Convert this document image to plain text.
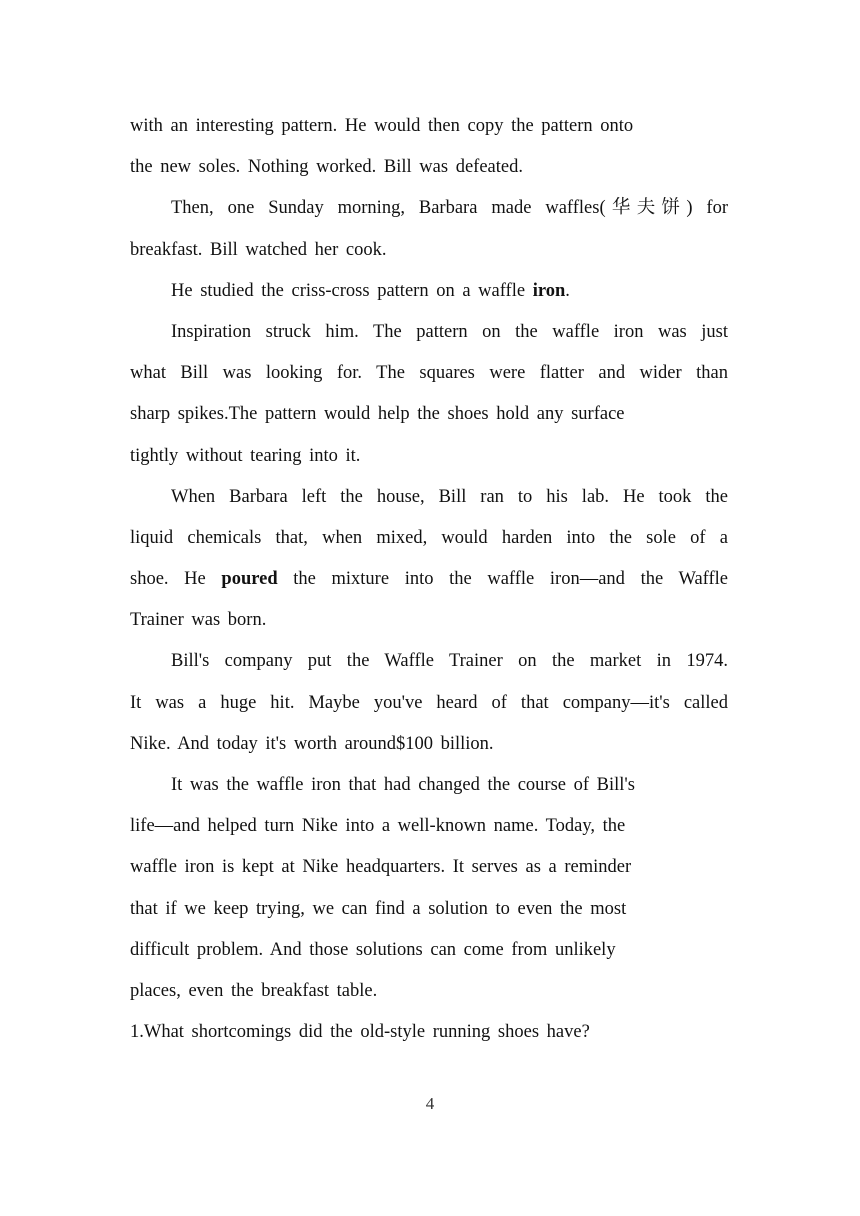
with an interesting pattern. He would then copy the pattern onto
the new soles. Nothing worked. Bill was defeated.
Then, one Sunday morning, Barbara made waffles(华夫饼) for
breakfast. Bill watched her cook.
He studied the criss-cross pattern on a waffle iron.
Inspiration struck him. The pattern on the waffle iron was just
what Bill was looking for. The squares were flatter and wider than
sharp spikes.The pattern would help the shoes hold any surface
tightly without tearing into it.
When Barbara left the house, Bill ran to his lab. He took the
liquid chemicals that, when mixed, would harden into the sole of a
shoe. He poured the mixture into the waffle iron—and the Waffle
Trainer was born.
Bill's company put the Waffle Trainer on the market in 1974.
It was a huge hit. Maybe you've heard of that company—it's called
Nike. And today it's worth around$100 billion.
It was the waffle iron that had changed the course of Bill's
life—and helped turn Nike into a well-known name. Today, the
waffle iron is kept at Nike headquarters. It serves as a reminder
that if we keep trying, we can find a solution to even the most
difficult problem. And those solutions can come from unlikely
places, even the breakfast table.
1.What shortcomings did the old-style running shoes have?
4
